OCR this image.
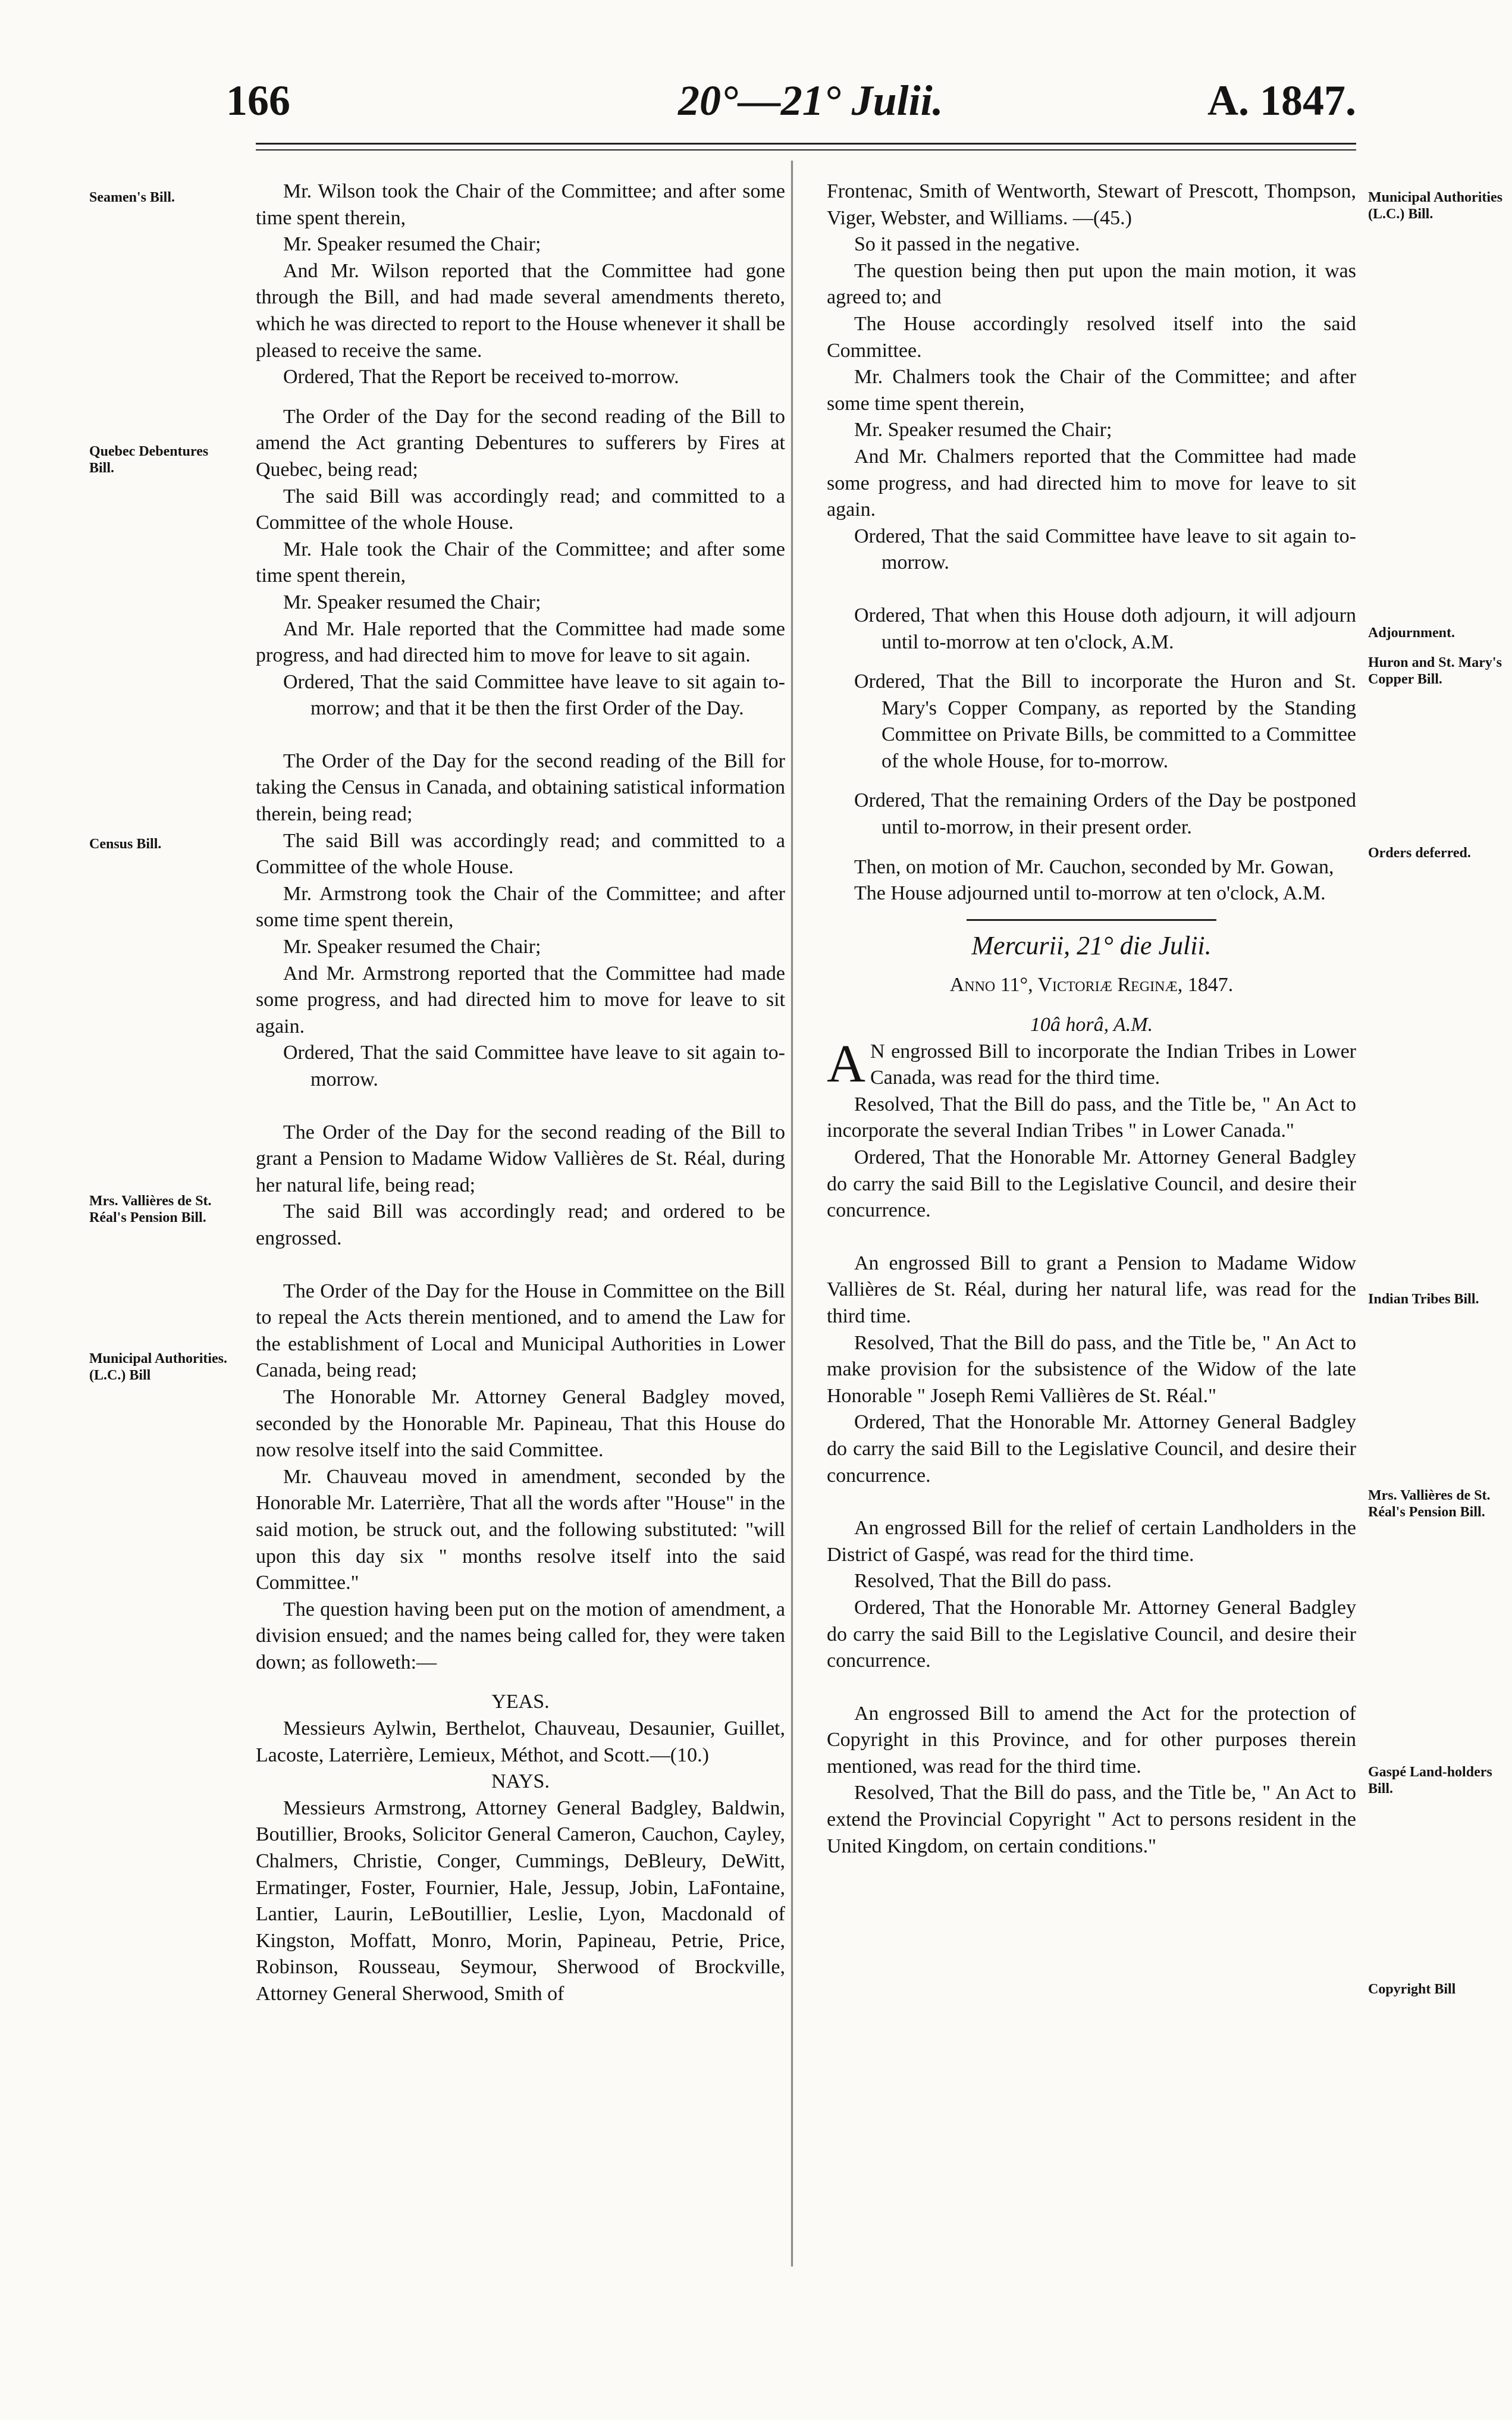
166	20°—21° Julii.	A. 1847.
Seamen's Bill.
Quebec Debentures Bill.
Census Bill.
Mrs. Vallières de St. Réal's Pension Bill.
Municipal Authorities. (L.C.) Bill
Municipal Authorities (L.C.) Bill.
Adjournment.
Huron and St. Mary's Copper Bill.
Orders deferred.
Indian Tribes Bill.
Mrs. Vallières de St. Réal's Pension Bill.
Gaspé Land-holders Bill.
Copyright Bill

Mr. Wilson took the Chair of the Committee; and after some time spent therein,

Mr. Speaker resumed the Chair;

And Mr. Wilson reported that the Committee had gone through the Bill, and had made several amendments thereto, which he was directed to report to the House whenever it shall be pleased to receive the same.

Ordered, That the Report be received to-morrow.

The Order of the Day for the second reading of the Bill to amend the Act granting Debentures to sufferers by Fires at Quebec, being read;

The said Bill was accordingly read; and committed to a Committee of the whole House.

Mr. Hale took the Chair of the Committee; and after some time spent therein,

Mr. Speaker resumed the Chair;

And Mr. Hale reported that the Committee had made some progress, and had directed him to move for leave to sit again.

Ordered, That the said Committee have leave to sit again to-morrow; and that it be then the first Order of the Day.

The Order of the Day for the second reading of the Bill for taking the Census in Canada, and obtaining satistical information therein, being read;

The said Bill was accordingly read; and committed to a Committee of the whole House.

Mr. Armstrong took the Chair of the Committee; and after some time spent therein,

Mr. Speaker resumed the Chair;

And Mr. Armstrong reported that the Committee had made some progress, and had directed him to move for leave to sit again.

Ordered, That the said Committee have leave to sit again to-morrow.

The Order of the Day for the second reading of the Bill to grant a Pension to Madame Widow Vallières de St. Réal, during her natural life, being read;

The said Bill was accordingly read; and ordered to be engrossed.

The Order of the Day for the House in Committee on the Bill to repeal the Acts therein mentioned, and to amend the Law for the establishment of Local and Municipal Authorities in Lower Canada, being read;

The Honorable Mr. Attorney General Badgley moved, seconded by the Honorable Mr. Papineau, That this House do now resolve itself into the said Committee.

Mr. Chauveau moved in amendment, seconded by the Honorable Mr. Laterrière, That all the words after "House" in the said motion, be struck out, and the following substituted: "will upon this day six " months resolve itself into the said Committee."

The question having been put on the motion of amendment, a division ensued; and the names being called for, they were taken down; as followeth:—

YEAS.

Messieurs Aylwin, Berthelot, Chauveau, Desaunier, Guillet, Lacoste, Laterrière, Lemieux, Méthot, and Scott.—(10.)

NAYS.

Messieurs Armstrong, Attorney General Badgley, Baldwin, Boutillier, Brooks, Solicitor General Cameron, Cauchon, Cayley, Chalmers, Christie, Conger, Cummings, DeBleury, DeWitt, Ermatinger, Foster, Fournier, Hale, Jessup, Jobin, LaFontaine, Lantier, Laurin, LeBoutillier, Leslie, Lyon, Macdonald of Kingston, Moffatt, Monro, Morin, Papineau, Petrie, Price, Robinson, Rousseau, Seymour, Sherwood of Brockville, Attorney General Sherwood, Smith of

Frontenac, Smith of Wentworth, Stewart of Prescott, Thompson, Viger, Webster, and Williams. —(45.)

So it passed in the negative.

The question being then put upon the main motion, it was agreed to; and

The House accordingly resolved itself into the said Committee.

Mr. Chalmers took the Chair of the Committee; and after some time spent therein,

Mr. Speaker resumed the Chair;

And Mr. Chalmers reported that the Committee had made some progress, and had directed him to move for leave to sit again.

Ordered, That the said Committee have leave to sit again to-morrow.

Ordered, That when this House doth adjourn, it will adjourn until to-morrow at ten o'clock, A.M.

Ordered, That the Bill to incorporate the Huron and St. Mary's Copper Company, as reported by the Standing Committee on Private Bills, be committed to a Committee of the whole House, for to-morrow.

Ordered, That the remaining Orders of the Day be postponed until to-morrow, in their present order.

Then, on motion of Mr. Cauchon, seconded by Mr. Gowan,

The House adjourned until to-morrow at ten o'clock, A.M.

Mercurii, 21° die Julii.

Anno 11°, Victoriæ Reginæ, 1847.

10â horâ, A.M.

A N engrossed Bill to incorporate the Indian Tribes in Lower Canada, was read for the third time.

Resolved, That the Bill do pass, and the Title be, " An Act to incorporate the several Indian Tribes " in Lower Canada."

Ordered, That the Honorable Mr. Attorney General Badgley do carry the said Bill to the Legislative Council, and desire their concurrence.

An engrossed Bill to grant a Pension to Madame Widow Vallières de St. Réal, during her natural life, was read for the third time.

Resolved, That the Bill do pass, and the Title be, " An Act to make provision for the subsistence of the Widow of the late Honorable " Joseph Remi Vallières de St. Réal."

Ordered, That the Honorable Mr. Attorney General Badgley do carry the said Bill to the Legislative Council, and desire their concurrence.

An engrossed Bill for the relief of certain Landholders in the District of Gaspé, was read for the third time.

Resolved, That the Bill do pass.

Ordered, That the Honorable Mr. Attorney General Badgley do carry the said Bill to the Legislative Council, and desire their concurrence.

An engrossed Bill to amend the Act for the protection of Copyright in this Province, and for other purposes therein mentioned, was read for the third time.

Resolved, That the Bill do pass, and the Title be, " An Act to extend the Provincial Copyright " Act to persons resident in the United Kingdom, on certain conditions."
